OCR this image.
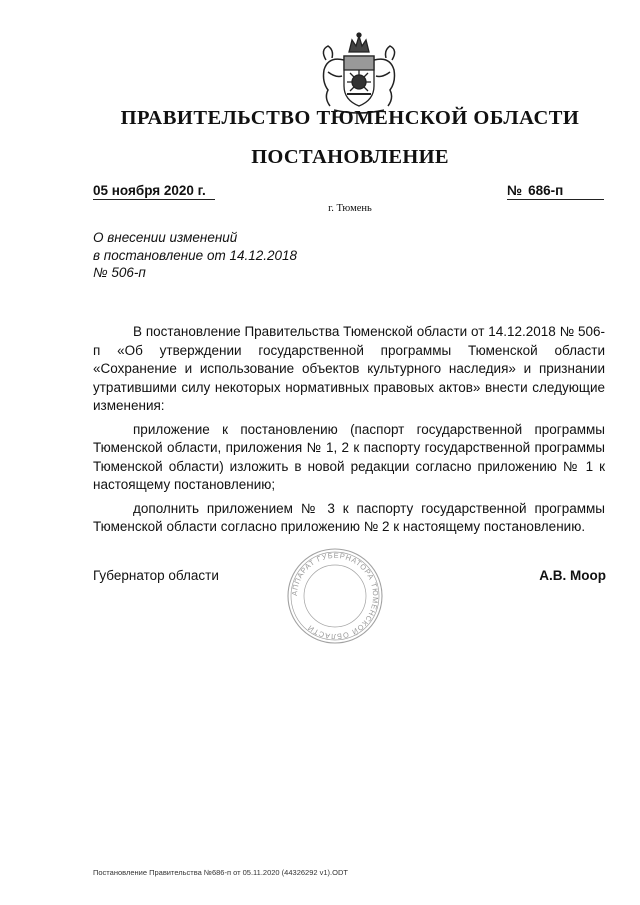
ПРАВИТЕЛЬСТВО ТЮМЕНСКОЙ ОБЛАСТИ
ПОСТАНОВЛЕНИЕ
05 ноября 2020 г.	№ 686-п
г. Тюмень
О внесении изменений
в постановление от 14.12.2018
№ 506-п

В постановление Правительства Тюменской области от 14.12.2018 № 506-п «Об утверждении государственной программы Тюменской области «Сохранение и использование объектов культурного наследия» и признании утратившими силу некоторых нормативных правовых актов» внести следующие изменения:

приложение к постановлению (паспорт государственной программы Тюменской области, приложения № 1, 2 к паспорту государственной программы Тюменской области) изложить в новой редакции согласно приложению № 1 к настоящему постановлению;

дополнить приложением № 3 к паспорту государственной программы Тюменской области согласно приложению № 2 к настоящему постановлению.

АППАРАТ ГУБЕРНАТОРА ТЮМЕНСКОЙ ОБЛАСТИ
Губернатор области	А.В. Моор
Постановление Правительства №686-п от 05.11.2020 (44326292 v1).ODT
